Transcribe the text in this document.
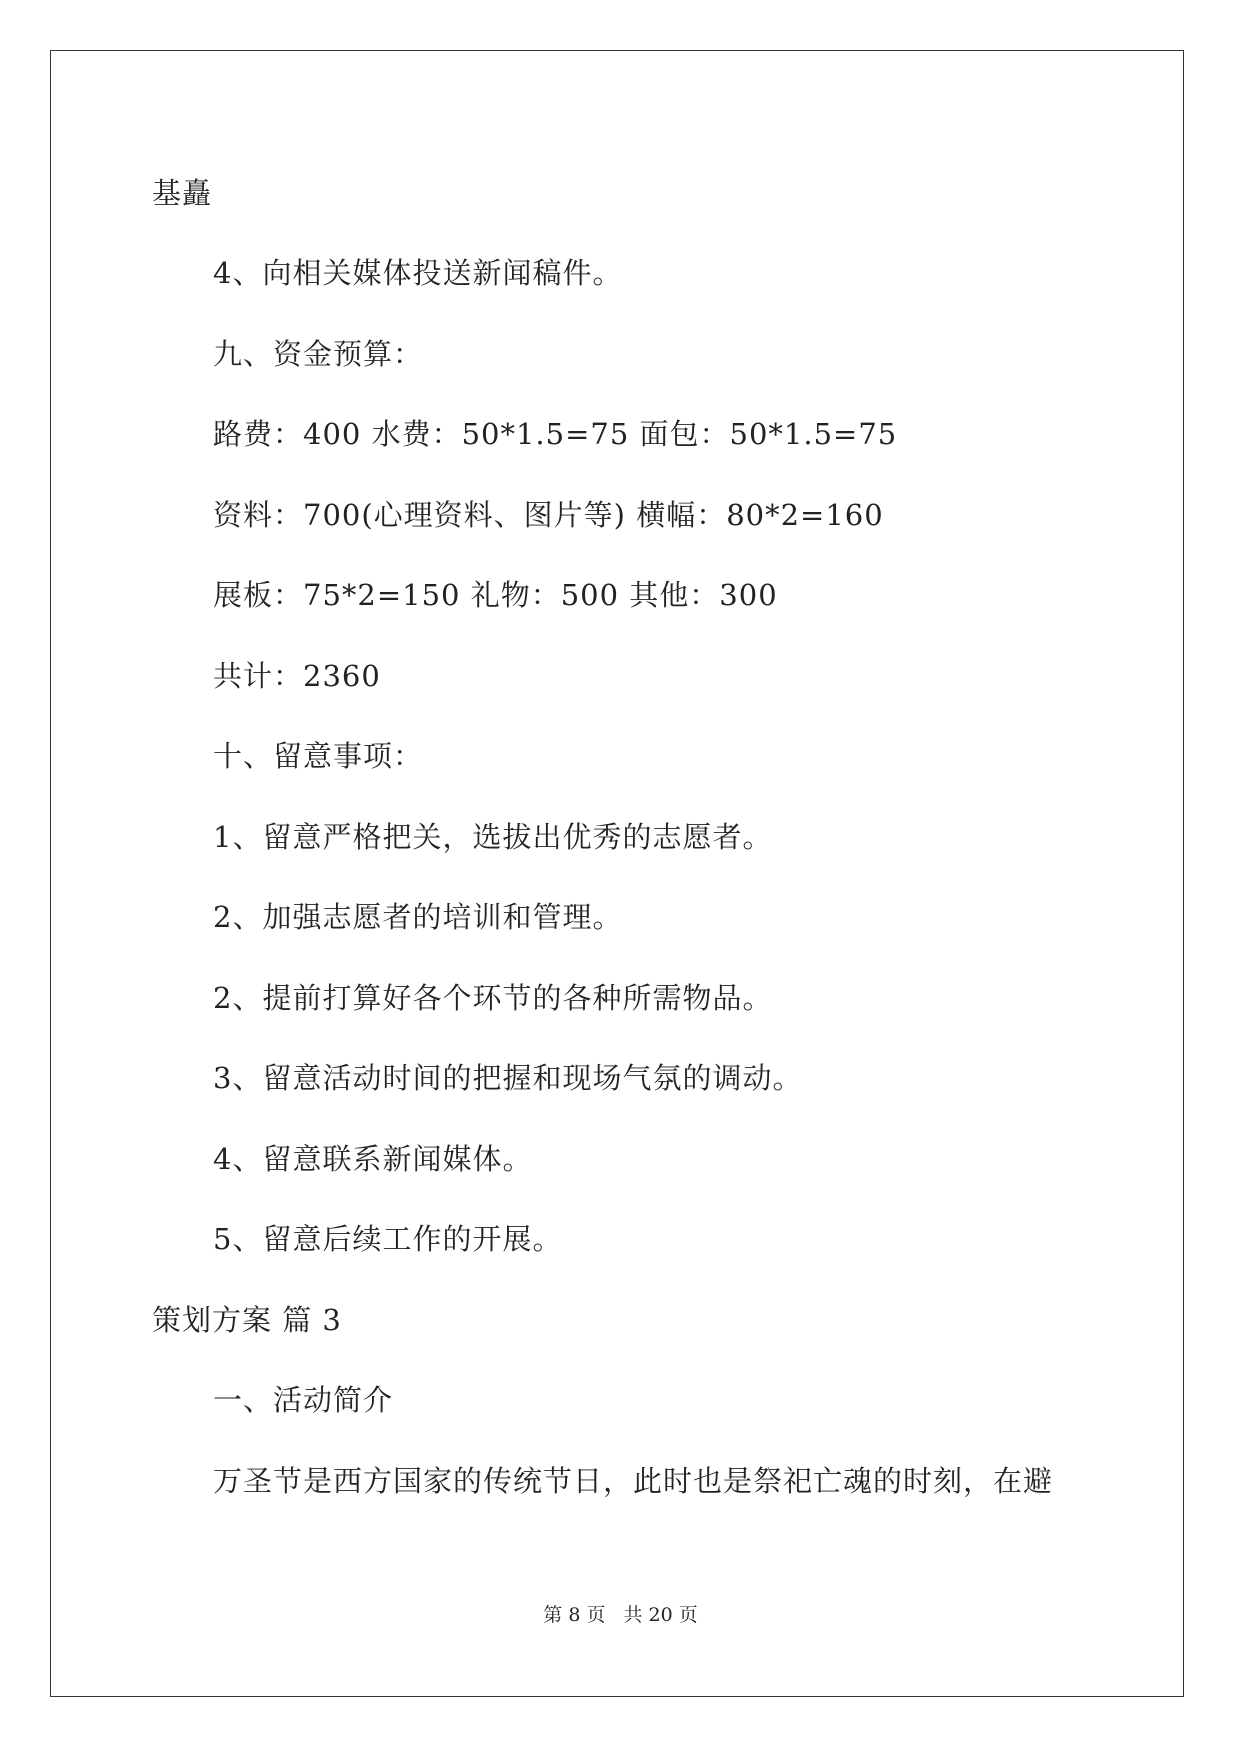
基矗
4、向相关媒体投送新闻稿件。
九、资金预算：
路费：400 水费：50*1.5=75 面包：50*1.5=75
资料：700(心理资料、图片等) 横幅：80*2=160
展板：75*2=150 礼物：500 其他：300
共计：2360
十、留意事项：
1、留意严格把关，选拔出优秀的志愿者。
2、加强志愿者的培训和管理。
2、提前打算好各个环节的各种所需物品。
3、留意活动时间的把握和现场气氛的调动。
4、留意联系新闻媒体。
5、留意后续工作的开展。
策划方案 篇 3
一、活动简介
万圣节是西方国家的传统节日，此时也是祭祀亡魂的时刻，在避
第 8 页 共 20 页
